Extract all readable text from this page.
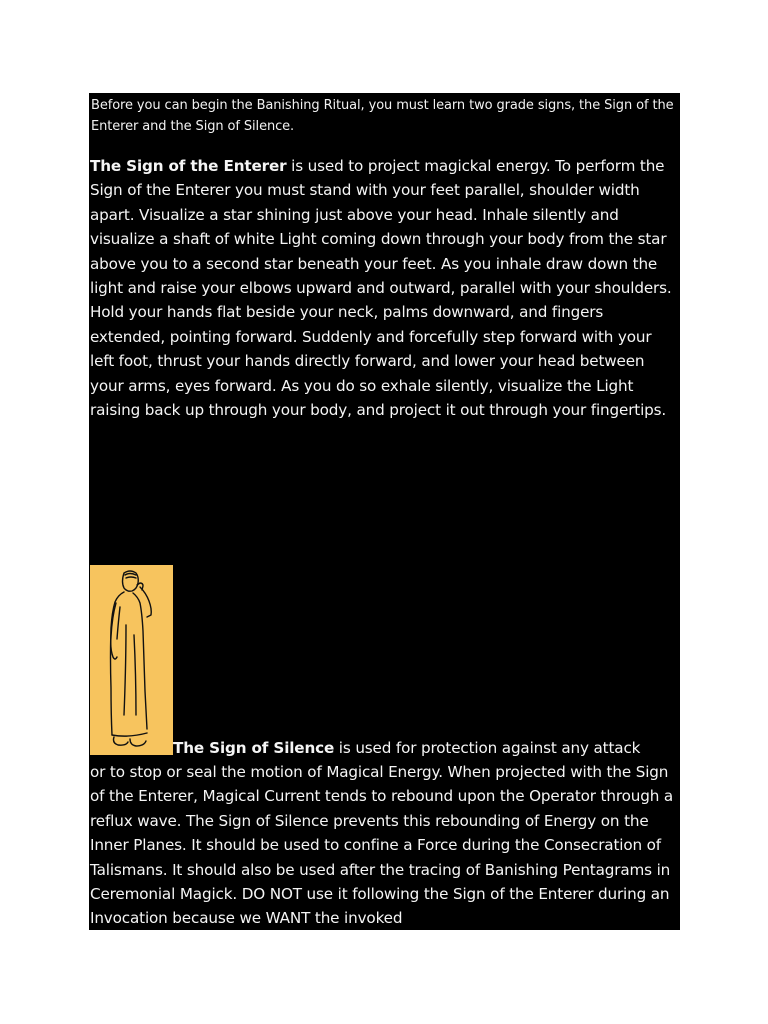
Before you can begin the Banishing Ritual, you must learn two grade signs, the Sign of the Enterer and the Sign of Silence.
The Sign of the Enterer is used to project magickal energy. To perform the Sign of the Enterer you must stand with your feet parallel, shoulder width apart. Visualize a star shining just above your head. Inhale silently and visualize a shaft of white Light coming down through your body from the star above you to a second star beneath your feet. As you inhale draw down the light and raise your elbows upward and outward, parallel with your shoulders. Hold your hands flat beside your neck, palms downward, and fingers extended, pointing forward. Suddenly and forcefully step forward with your left foot, thrust your hands directly forward, and lower your head between your arms, eyes forward. As you do so exhale silently, visualize the Light raising back up through your body, and project it out through your fingertips.
The Sign of Silence is used for protection against any attack
or to stop or seal the motion of Magical Energy. When projected with the Sign of the Enterer, Magical Current tends to rebound upon the Operator through a reflux wave. The Sign of Silence prevents this rebounding of Energy on the Inner Planes. It should be used to confine a Force during the Consecration of Talismans. It should also be used after the tracing of Banishing Pentagrams in Ceremonial Magick. DO NOT use it following the Sign of the Enterer during an Invocation because we WANT the invoked
